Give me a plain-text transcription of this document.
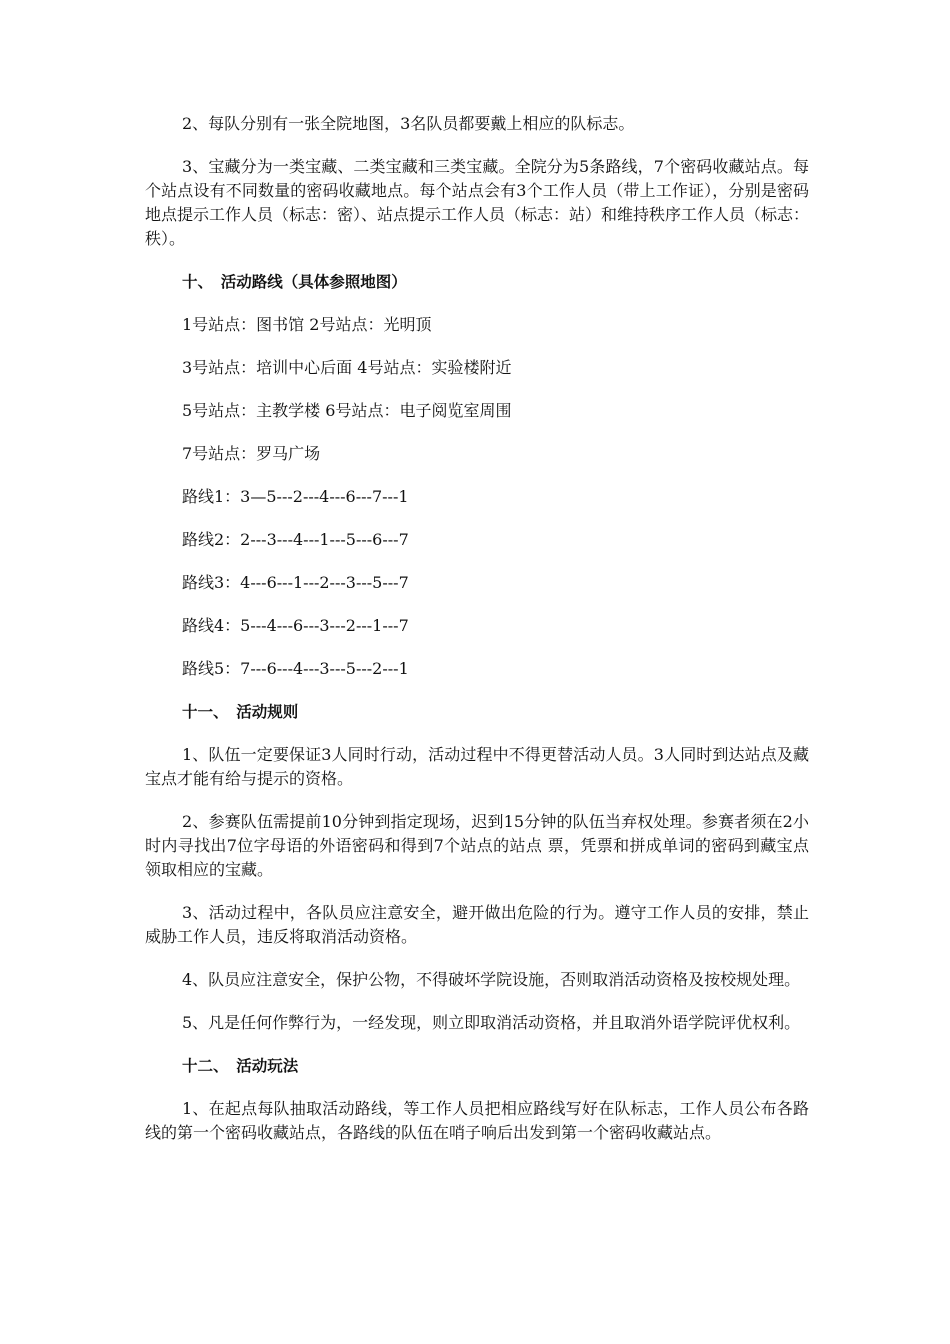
2、每队分别有一张全院地图，3名队员都要戴上相应的队标志。

3、宝藏分为一类宝藏、二类宝藏和三类宝藏。全院分为5条路线，7个密码收藏站点。每个站点设有不同数量的密码收藏地点。每个站点会有3个工作人员（带上工作证），分别是密码地点提示工作人员（标志：密）、站点提示工作人员（标志：站）和维持秩序工作人员（标志：秩）。

十、　活动路线（具体参照地图）

1号站点：图书馆 2号站点：光明顶

3号站点：培训中心后面 4号站点：实验楼附近

5号站点：主教学楼 6号站点：电子阅览室周围

7号站点：罗马广场

路线1：3—5---2---4---6---7---1

路线2：2---3---4---1---5---6---7

路线3：4---6---1---2---3---5---7

路线4：5---4---6---3---2---1---7

路线5：7---6---4---3---5---2---1

十一、　活动规则

1、队伍一定要保证3人同时行动，活动过程中不得更替活动人员。3人同时到达站点及藏宝点才能有给与提示的资格。

2、参赛队伍需提前10分钟到指定现场，迟到15分钟的队伍当弃权处理。参赛者须在2小时内寻找出7位字母语的外语密码和得到7个站点的站点 票，凭票和拼成单词的密码到藏宝点领取相应的宝藏。

3、活动过程中，各队员应注意安全，避开做出危险的行为。遵守工作人员的安排，禁止威胁工作人员，违反将取消活动资格。

4、队员应注意安全，保护公物，不得破坏学院设施，否则取消活动资格及按校规处理。

5、凡是任何作弊行为，一经发现，则立即取消活动资格，并且取消外语学院评优权利。

十二、　活动玩法

1、在起点每队抽取活动路线，等工作人员把相应路线写好在队标志，工作人员公布各路线的第一个密码收藏站点，各路线的队伍在哨子响后出发到第一个密码收藏站点。
